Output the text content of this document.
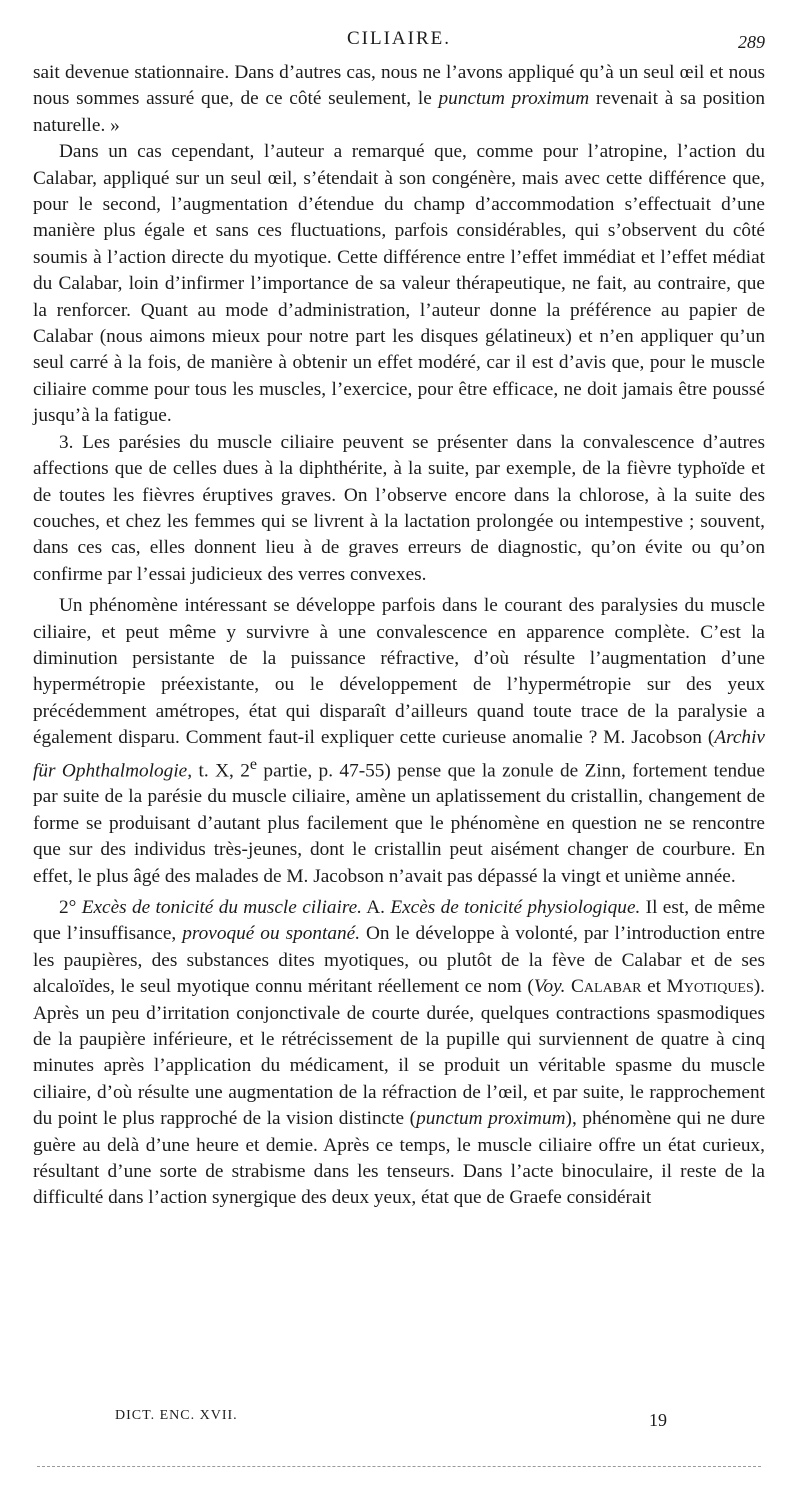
CILIAIRE.	289

sait devenue stationnaire. Dans d’autres cas, nous ne l’avons appliqué qu’à un seul œil et nous nous sommes assuré que, de ce côté seulement, le punctum proximum revenait à sa position naturelle. »

Dans un cas cependant, l’auteur a remarqué que, comme pour l’atropine, l’action du Calabar, appliqué sur un seul œil, s’étendait à son congénère, mais avec cette différence que, pour le second, l’augmentation d’étendue du champ d’accommodation s’effectuait d’une manière plus égale et sans ces fluctuations, parfois considérables, qui s’observent du côté soumis à l’action directe du myotique. Cette différence entre l’effet immédiat et l’effet médiat du Calabar, loin d’infirmer l’importance de sa valeur thérapeutique, ne fait, au contraire, que la renforcer. Quant au mode d’administration, l’auteur donne la préférence au papier de Calabar (nous aimons mieux pour notre part les disques gélatineux) et n’en appliquer qu’un seul carré à la fois, de manière à obtenir un effet modéré, car il est d’avis que, pour le muscle ciliaire comme pour tous les muscles, l’exercice, pour être efficace, ne doit jamais être poussé jusqu’à la fatigue.

3. Les parésies du muscle ciliaire peuvent se présenter dans la convalescence d’autres affections que de celles dues à la diphthérite, à la suite, par exemple, de la fièvre typhoïde et de toutes les fièvres éruptives graves. On l’observe encore dans la chlorose, à la suite des couches, et chez les femmes qui se livrent à la lactation prolongée ou intempestive ; souvent, dans ces cas, elles donnent lieu à de graves erreurs de diagnostic, qu’on évite ou qu’on confirme par l’essai judicieux des verres convexes.

Un phénomène intéressant se développe parfois dans le courant des paralysies du muscle ciliaire, et peut même y survivre à une convalescence en apparence complète. C’est la diminution persistante de la puissance réfractive, d’où résulte l’augmentation d’une hypermétropie préexistante, ou le développement de l’hypermétropie sur des yeux précédemment amétropes, état qui disparaît d’ailleurs quand toute trace de la paralysie a également disparu. Comment faut-il expliquer cette curieuse anomalie ? M. Jacobson (Archiv für Ophthalmologie, t. X, 2e partie, p. 47-55) pense que la zonule de Zinn, fortement tendue par suite de la parésie du muscle ciliaire, amène un aplatissement du cristallin, changement de forme se produisant d’autant plus facilement que le phénomène en question ne se rencontre que sur des individus très-jeunes, dont le cristallin peut aisément changer de courbure. En effet, le plus âgé des malades de M. Jacobson n’avait pas dépassé la vingt et unième année.

2° Excès de tonicité du muscle ciliaire. A. Excès de tonicité physiologique. Il est, de même que l’insuffisance, provoqué ou spontané. On le développe à volonté, par l’introduction entre les paupières, des substances dites myotiques, ou plutôt de la fève de Calabar et de ses alcaloïdes, le seul myotique connu méritant réellement ce nom (Voy. Calabar et Myotiques). Après un peu d’irritation conjonctivale de courte durée, quelques contractions spasmodiques de la paupière inférieure, et le rétrécissement de la pupille qui surviennent de quatre à cinq minutes après l’application du médicament, il se produit un véritable spasme du muscle ciliaire, d’où résulte une augmentation de la réfraction de l’œil, et par suite, le rapprochement du point le plus rapproché de la vision distincte (punctum proximum), phénomène qui ne dure guère au delà d’une heure et demie. Après ce temps, le muscle ciliaire offre un état curieux, résultant d’une sorte de strabisme dans les tenseurs. Dans l’acte binoculaire, il reste de la difficulté dans l’action synergique des deux yeux, état que de Graefe considérait

DICT. ENC. XVII.	19
